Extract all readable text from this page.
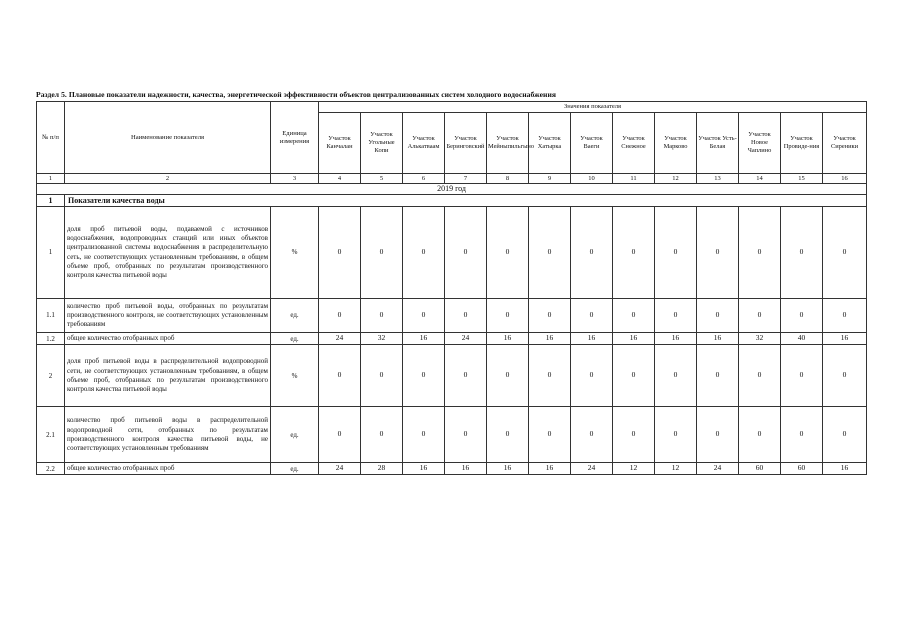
Раздел 5. Плановые показатели надежности, качества, энергетической эффективности объектов централизованных систем холодного водоснабжения
№ п/п	Наименование показателя	Единица измерения	Значения показателя												
			Участок Канчалан	Участок Угольные Копи	Участок Алькатваам	Участок Беринговский	Участок Мейныпильгыно	Участок Хатырка	Участок Ваеги	Участок Снежное	Участок Марково	Участок Усть-Белая	Участок Новое Чаплино	Участок Провиде-ния	Участок Сиреники
1	2	3	4	5	6	7	8	9	10	11	12	13	14	15	16
2019 год															
1	Показатели качества воды														
1	доля проб питьевой воды, подаваемой с источников водоснабжения, водопроводных станций или иных объектов централизованной системы водоснабжения в распределительную сеть, не соответствующих установленным требованиям, в общем объеме проб, отобранных по результатам производственного контроля качества питьевой воды	%	0	0	0	0	0	0	0	0	0	0	0	0	0
1.1	количество проб питьевой воды, отобранных по результатам производственного контроля, не соответствующих установленным требованиям	ед.	0	0	0	0	0	0	0	0	0	0	0	0	0
1.2	общее количество отобранных проб	ед.	24	32	16	24	16	16	16	16	16	16	32	40	16
2	доля проб питьевой воды в распределительной водопроводной сети, не соответствующих установленным требованиям, в общем объеме проб, отобранных по результатам производственного контроля качества питьевой воды	%	0	0	0	0	0	0	0	0	0	0	0	0	0
2.1	количество проб питьевой воды в распределительной водопроводной сети, отобранных по результатам производственного контроля качества питьевой воды, не соответствующих установленным требованиям	ед.	0	0	0	0	0	0	0	0	0	0	0	0	0
2.2	общее количество отобранных проб	ед.	24	28	16	16	16	16	24	12	12	24	60	60	16
